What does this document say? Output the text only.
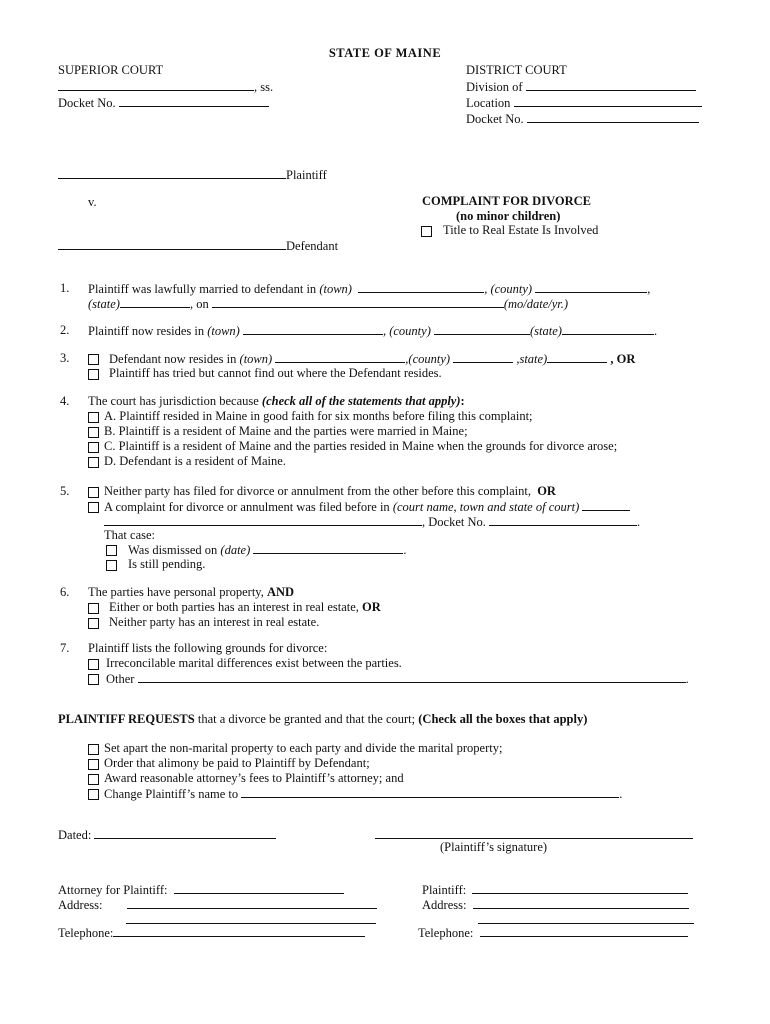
STATE OF MAINE
SUPERIOR COURT
, ss.
Docket No.
DISTRICT COURT
Division of
Location
Docket No.
Plaintiff
v.
Defendant
COMPLAINT FOR DIVORCE
(no minor children)
Title to Real Estate Is Involved
1. Plaintiff was lawfully married to defendant in (town)	, (county)	,
(state)	, on	(mo/date/yr.)
2. Plaintiff now resides in (town)	, (county)	(state)	.
3.	Defendant now resides in (town)	,(county)	,state)	, OR
Plaintiff has tried but cannot find out where the Defendant resides.
4. The court has jurisdiction because (check all of the statements that apply):
A. Plaintiff resided in Maine in good faith for six months before filing this complaint;
B. Plaintiff is a resident of Maine and the parties were married in Maine;
C. Plaintiff is a resident of Maine and the parties resided in Maine when the grounds for divorce arose;
D. Defendant is a resident of Maine.
5.	Neither party has filed for divorce or annulment from the other before this complaint, OR
A complaint for divorce or annulment was filed before in (court name, town and state of court)
, Docket No.	.
That case:
Was dismissed on (date)	.
Is still pending.
6. The parties have personal property, AND
Either or both parties has an interest in real estate, OR
Neither party has an interest in real estate.
7. Plaintiff lists the following grounds for divorce:
Irreconcilable marital differences exist between the parties.
Other	.
PLAINTIFF REQUESTS that a divorce be granted and that the court; (Check all the boxes that apply)
Set apart the non-marital property to each party and divide the marital property;
Order that alimony be paid to Plaintiff by Defendant;
Award reasonable attorney’s fees to Plaintiff’s attorney; and
Change Plaintiff’s name to	.
Dated:
(Plaintiff’s signature)
Attorney for Plaintiff:
Address:
Telephone:
Plaintiff:
Address:
Telephone:
